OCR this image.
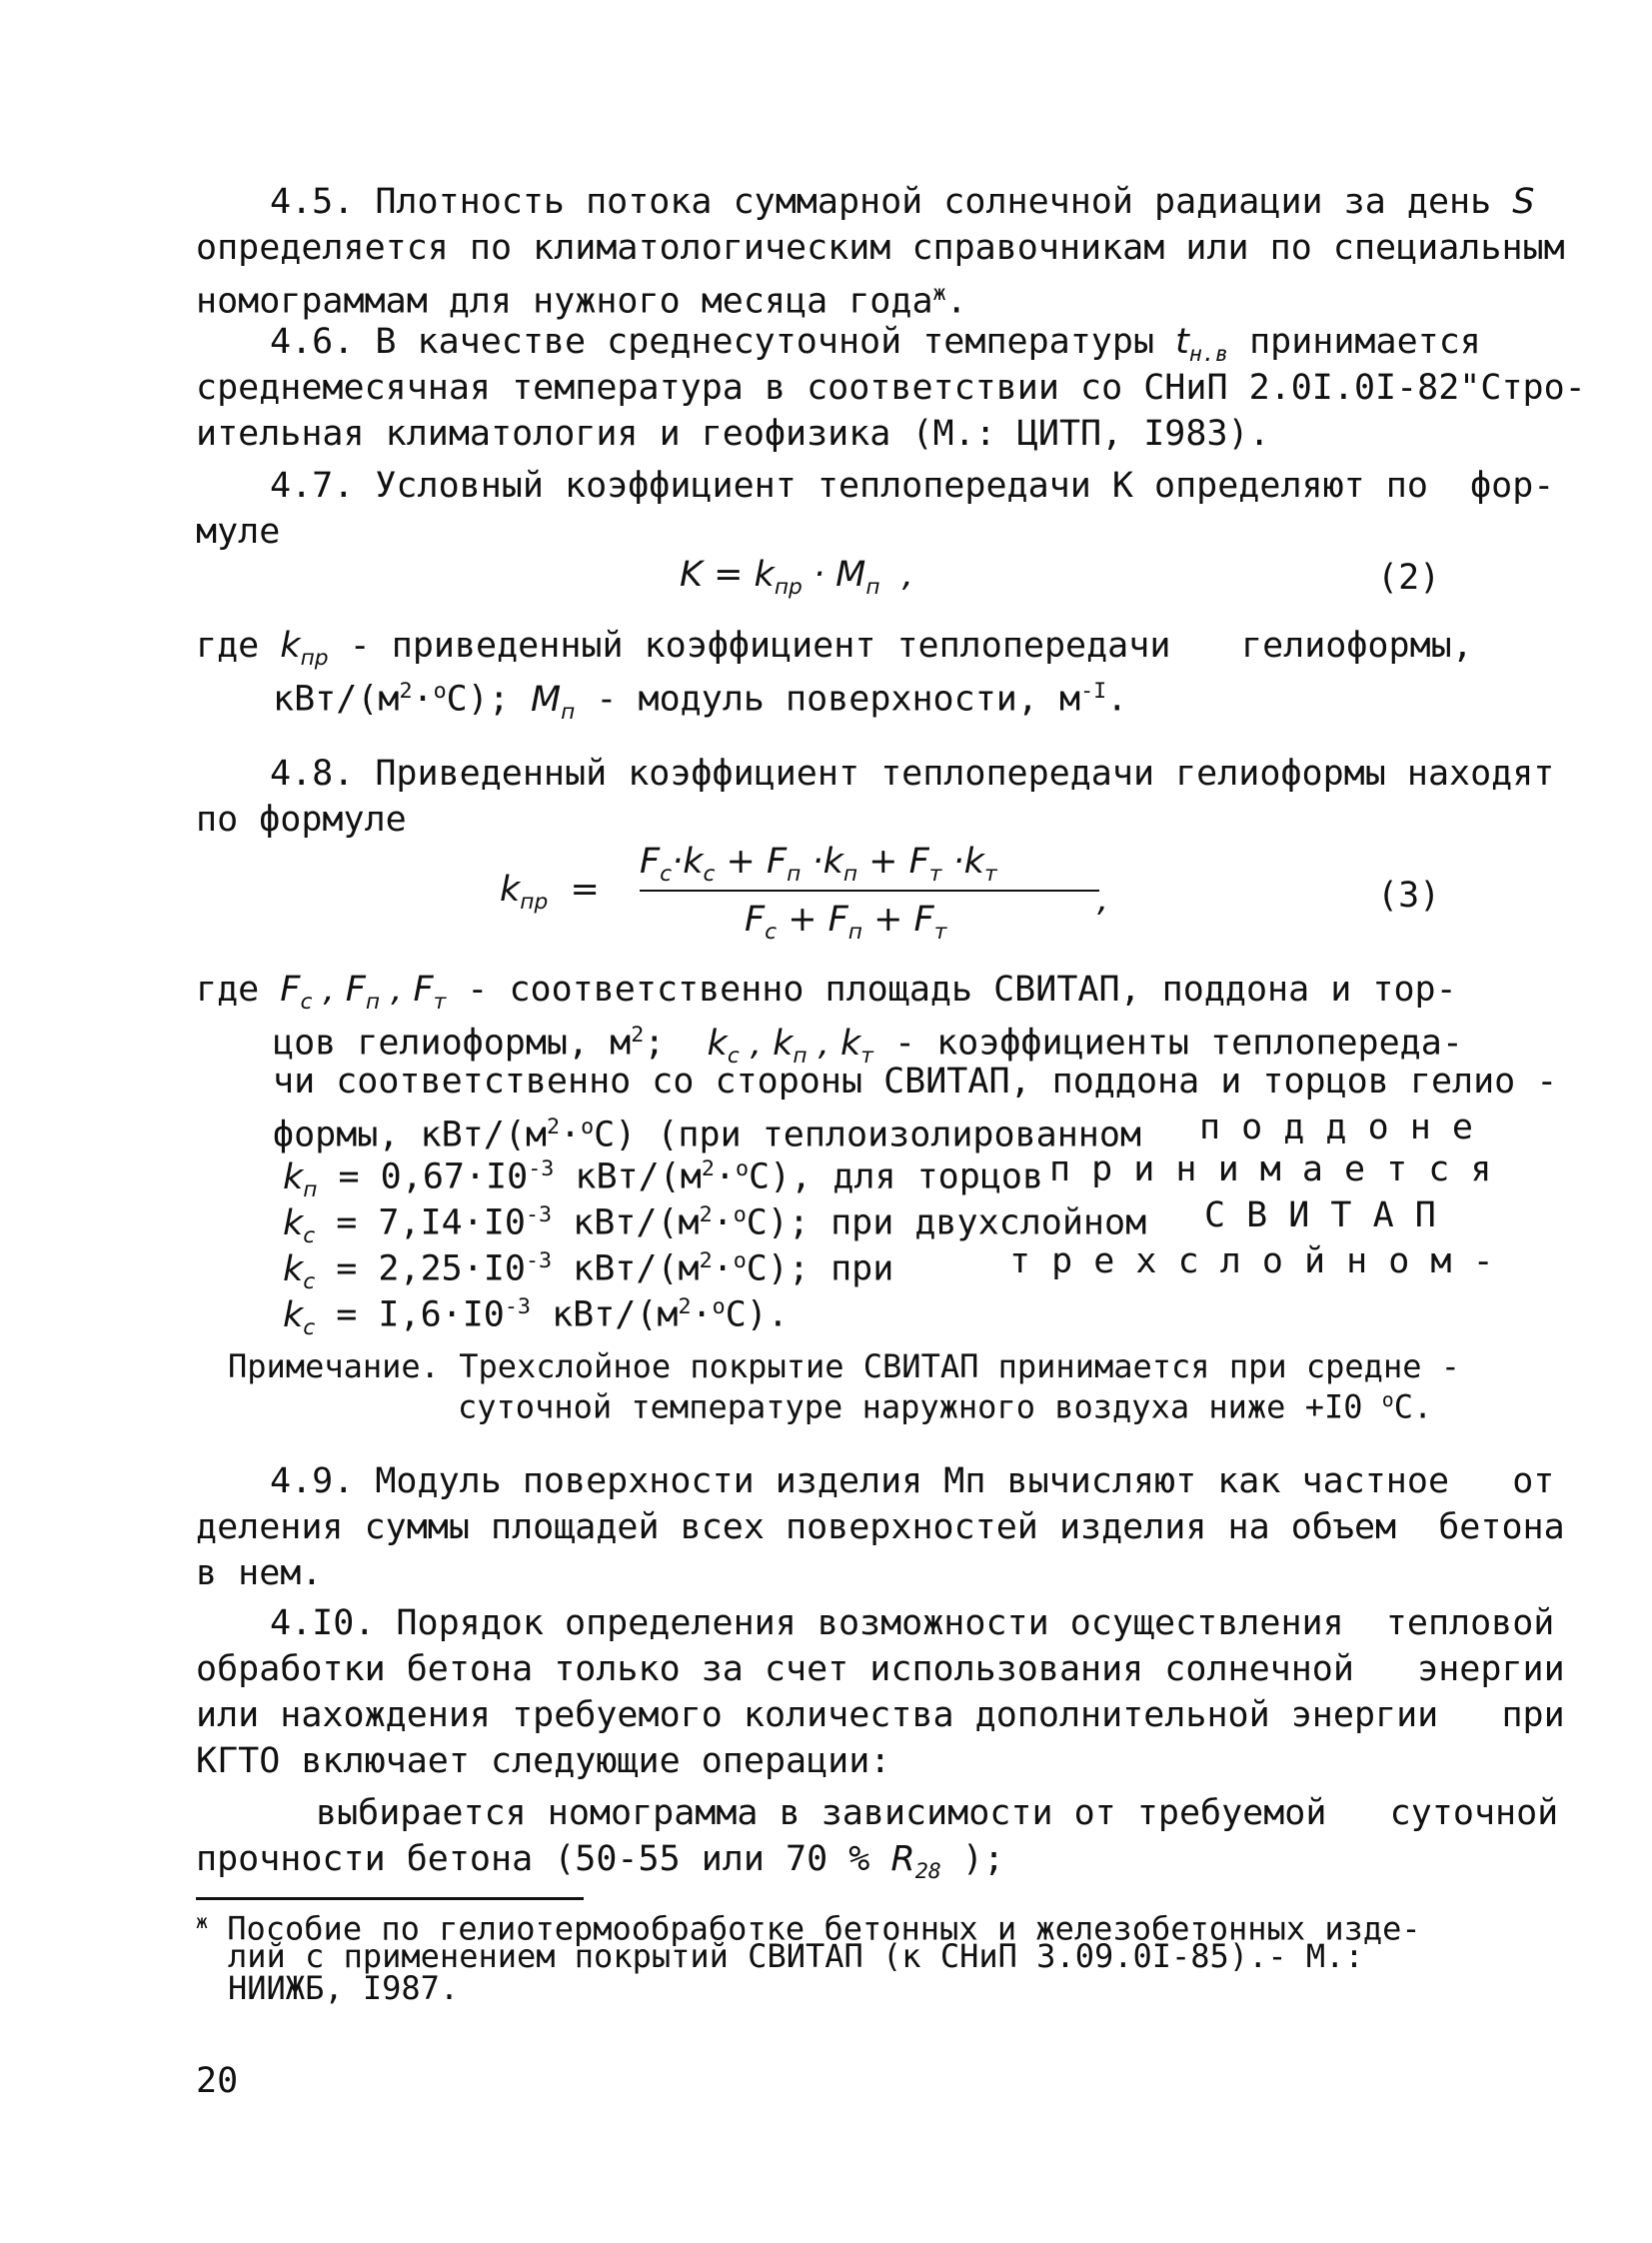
4.5. Плотность потока суммарной солнечной радиации за день S
определяется по климатологическим справочникам или по специальным
номограммам для нужного месяца года$^ж$.
4.6. В качестве среднесуточной температуры $t_{н.в}$ принимается
среднемесячная температура в соответствии со СНиП 2.0I.0I-82"Стро-
ительная климатология и геофизика (М.: ЦИТП, I983).
4.7. Условный коэффициент теплопередачи К определяют по  фор-
муле
$K = k_{пр} \cdot M_п$  ,	(2)
где $k_{пр}$ - приведенный коэффициент теплопередачи гелиоформы,
кВт/$(м^2\cdot^oC)$; $M_п$ - модуль поверхности, $м^{-I}$.
4.8. Приведенный коэффициент теплопередачи гелиоформы находят
по формуле
$k_{пр}$  =
$F_c\cdot k_c + F_п \cdot k_п + F_т \cdot k_т$
$F_c + F_п + F_т$
,	(3)
где $F_c$ , $F_п$ , $F_т$ - соответственно площадь СВИТАП, поддона и тор-
цов гелиоформы, $м^2$;  $k_c$ , $k_п$ , $k_т$ - коэффициенты теплопереда-
чи соответственно со стороны СВИТАП, поддона и торцов гелио -
формы, кВт/$(м^2\cdot^oC)$ (при теплоизолированном п о д д о н е
$k_п = 0,67\cdot I0^{-3}$ кВт/$(м^2\cdot^oC)$, для торцов п р и н и м а е т с я
$k_c = 7,I4\cdot I0^{-3}$ кВт/$(м^2\cdot^oC)$; при двухслойном С В И Т А П
$k_c = 2,25\cdot I0^{-3}$ кВт/$(м^2\cdot^oC)$; при	т р е х с л о й н о м -
$k_c = I,6\cdot I0^{-3}$ кВт/$(м^2\cdot^oC)$.
Примечание. Трехслойное покрытие СВИТАП принимается при средне -
суточной температуре наружного воздуха ниже +I0 $^o$С.
4.9. Модуль поверхности изделия Мп вычисляют как частное   от
деления суммы площадей всех поверхностей изделия на объем  бетона
в нем.
4.I0. Порядок определения возможности осуществления  тепловой
обработки бетона только за счет использования солнечной   энергии
или нахождения требуемого количества дополнительной энергии   при
КГТО включает следующие операции:
выбирается номограмма в зависимости от требуемой   суточной
прочности бетона (50-55 или 70 % $R_{28}$ );
$^ж$ Пособие по гелиотермообработке бетонных и железобетонных изде-
лий с применением покрытий СВИТАП (к СНиП 3.09.0I-85).- М.:
НИИЖБ, I987.
20
